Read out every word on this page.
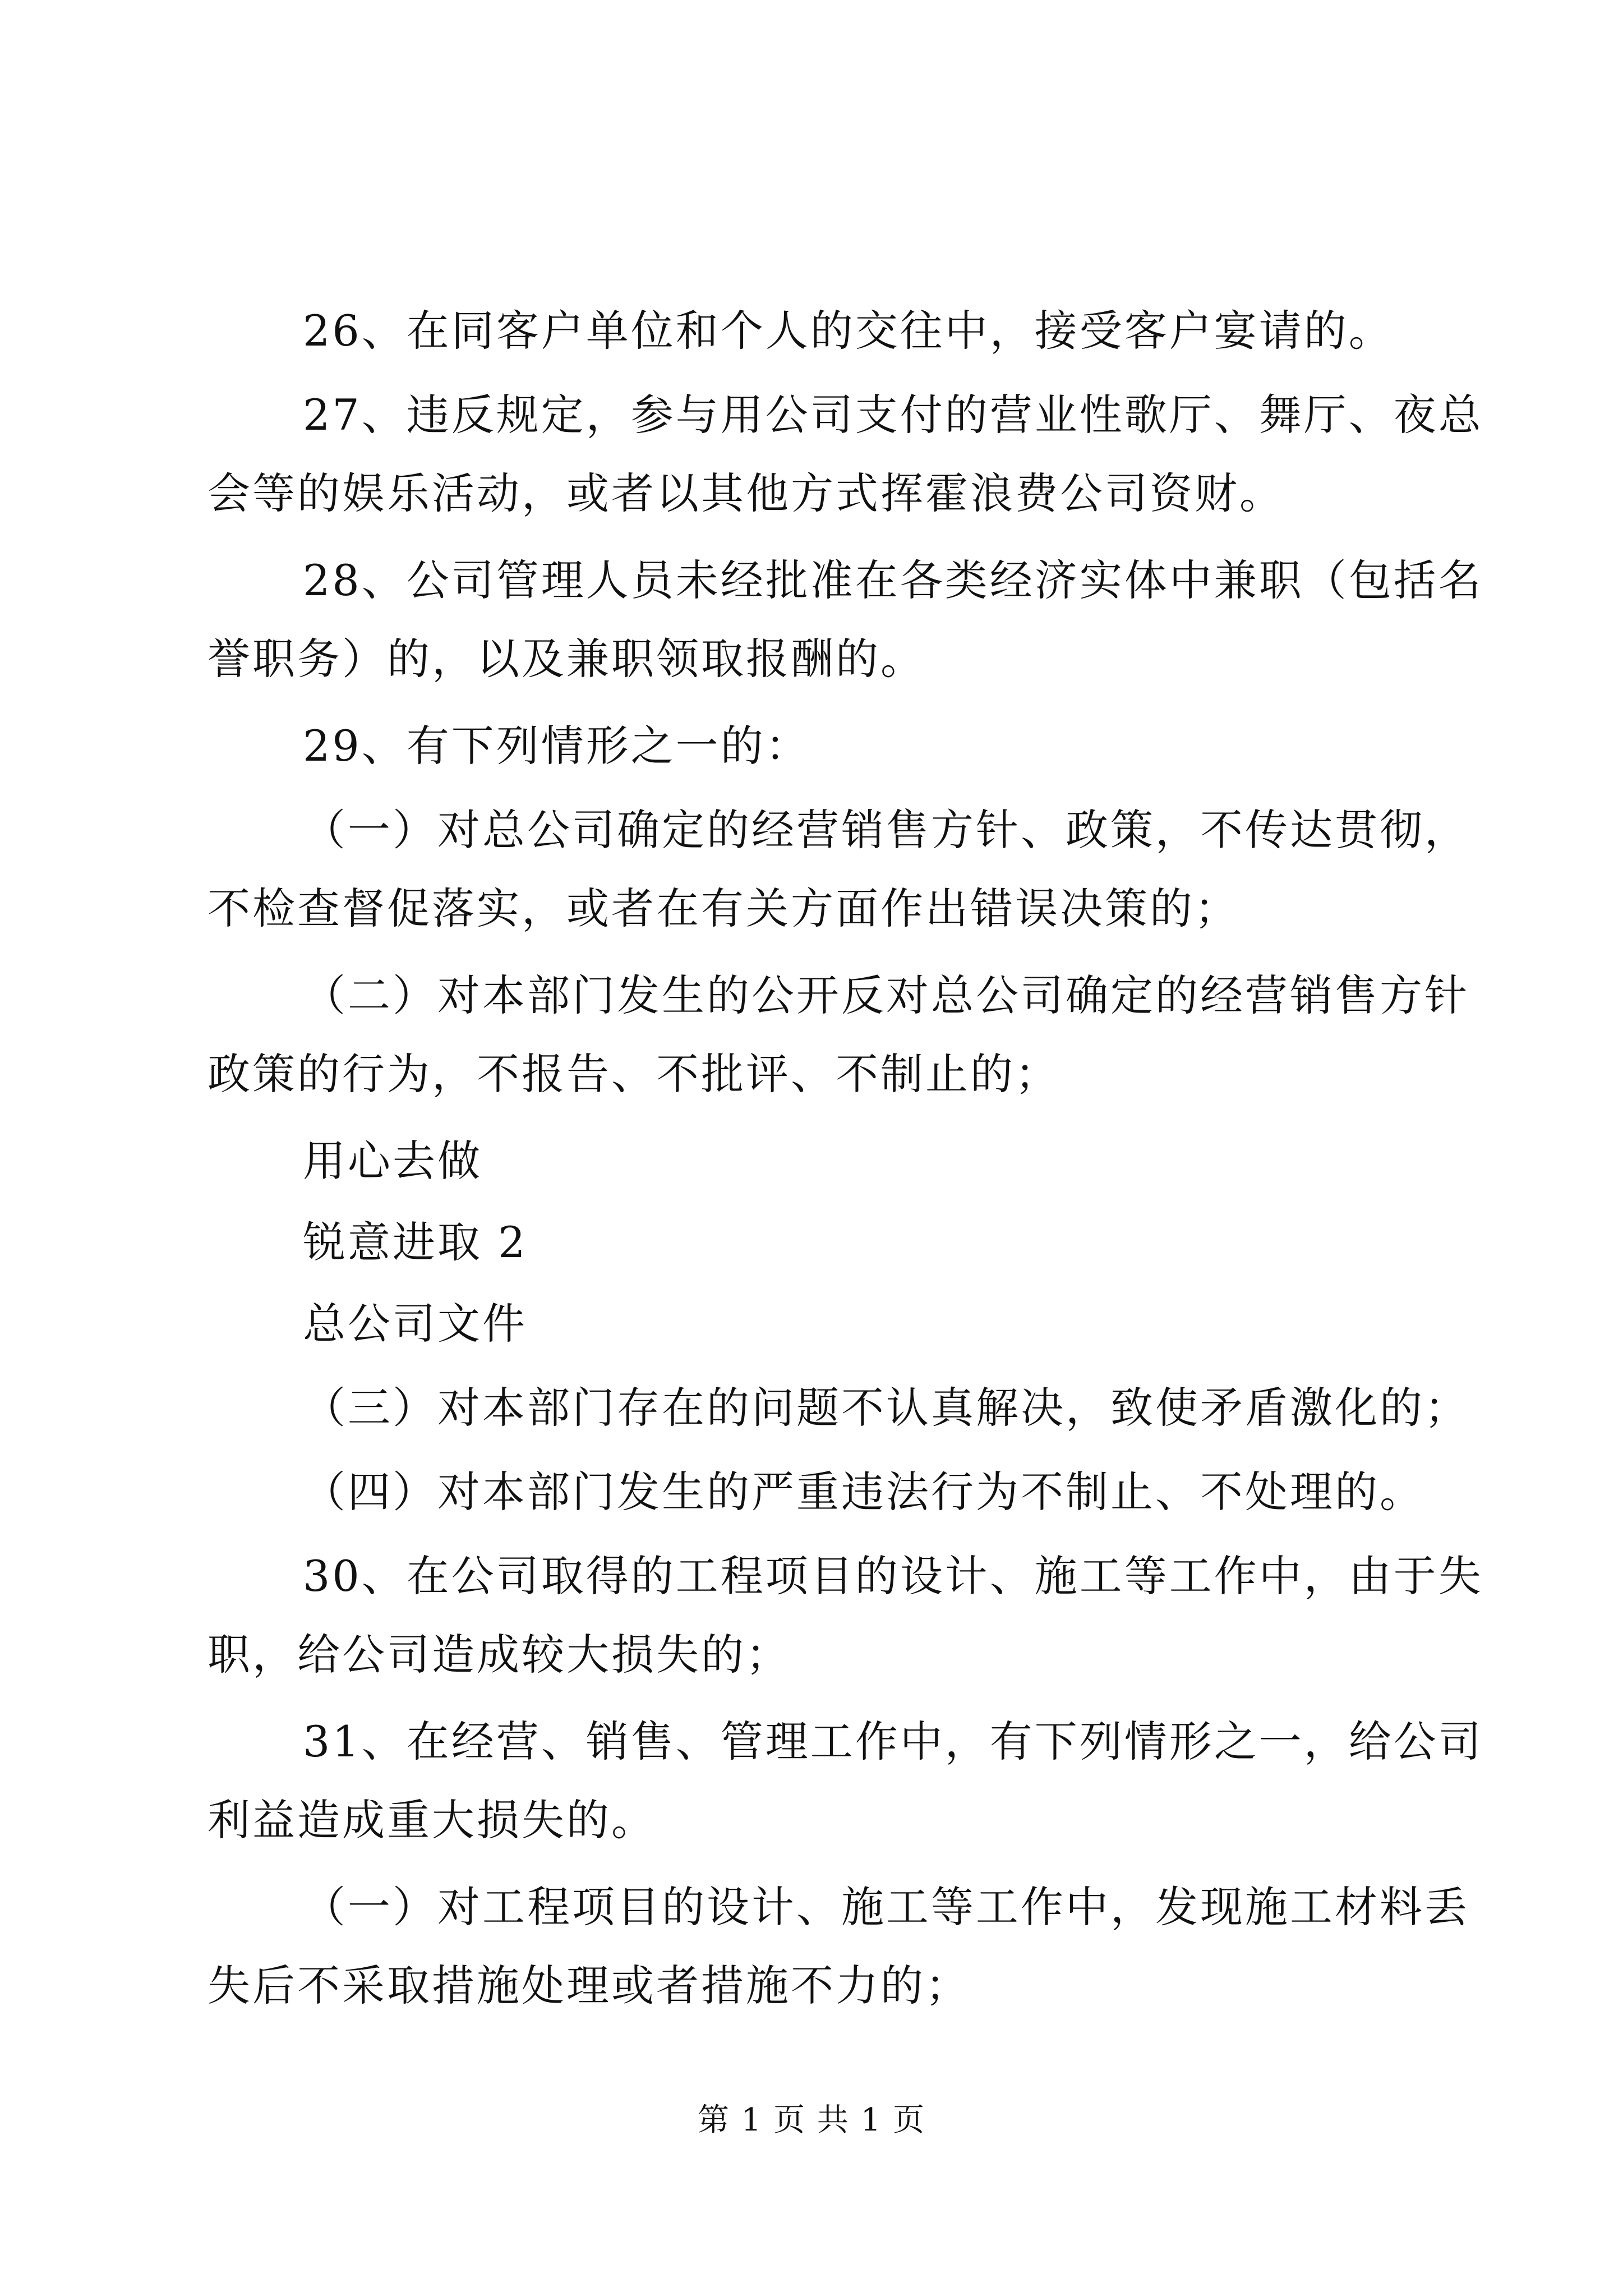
26、在同客户单位和个人的交往中，接受客户宴请的。
27、违反规定，参与用公司支付的营业性歌厅、舞厅、夜总
会等的娱乐活动，或者以其他方式挥霍浪费公司资财。
28、公司管理人员未经批准在各类经济实体中兼职（包括名
誉职务）的，以及兼职领取报酬的。
29、有下列情形之一的：
（一）对总公司确定的经营销售方针、政策，不传达贯彻，
不检查督促落实，或者在有关方面作出错误决策的；
（二）对本部门发生的公开反对总公司确定的经营销售方针
政策的行为，不报告、不批评、不制止的；
用心去做
锐意进取 2
总公司文件
（三）对本部门存在的问题不认真解决，致使矛盾激化的；
（四）对本部门发生的严重违法行为不制止、不处理的。
30、在公司取得的工程项目的设计、施工等工作中，由于失
职，给公司造成较大损失的；
31、在经营、销售、管理工作中，有下列情形之一，给公司
利益造成重大损失的。
（一）对工程项目的设计、施工等工作中，发现施工材料丢
失后不采取措施处理或者措施不力的；
第 1 页 共 1 页
